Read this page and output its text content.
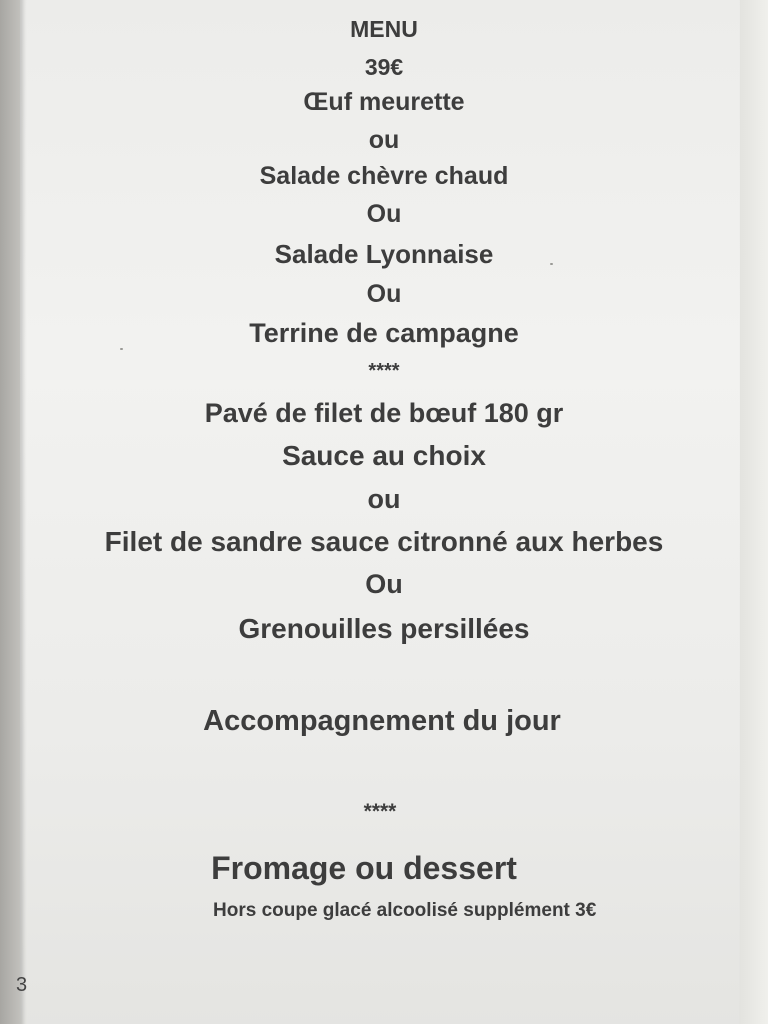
MENU
39€
Œuf meurette
ou
Salade chèvre chaud
Ou
Salade Lyonnaise
Ou
Terrine de campagne
****
Pavé de filet de bœuf 180 gr
Sauce au choix
ou
Filet de sandre sauce citronné aux herbes
Ou
Grenouilles persillées
Accompagnement du jour
****
Fromage ou dessert
Hors coupe glacé alcoolisé supplément 3€
3
